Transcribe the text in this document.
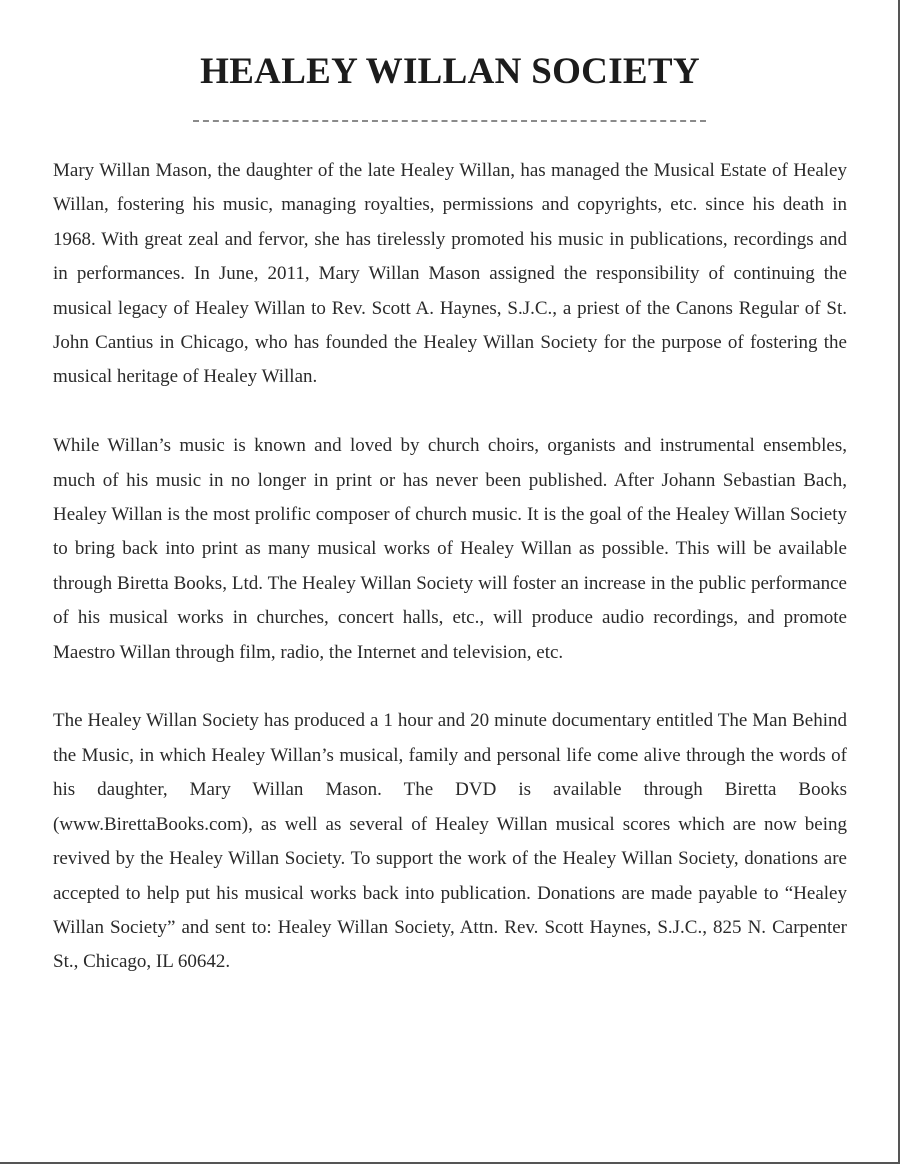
HEALEY WILLAN SOCIETY

Mary Willan Mason, the daughter of the late Healey Willan, has managed the Musical Estate of Healey Willan, fostering his music, managing royalties, permissions and copyrights, etc. since his death in 1968. With great zeal and fervor, she has tirelessly promoted his music in publications, recordings and in performances. In June, 2011, Mary Willan Mason assigned the responsibility of continuing the musical legacy of Healey Willan to Rev. Scott A. Haynes, S.J.C., a priest of the Canons Regular of St. John Cantius in Chicago, who has founded the Healey Willan Society for the purpose of fostering the musical heritage of Healey Willan.

While Willan’s music is known and loved by church choirs, organists and instrumental ensembles, much of his music in no longer in print or has never been published. After Johann Sebastian Bach, Healey Willan is the most prolific composer of church music. It is the goal of the Healey Willan Society to bring back into print as many musical works of Healey Willan as possible. This will be available through Biretta Books, Ltd. The Healey Willan Society will foster an increase in the public performance of his musical works in churches, concert halls, etc., will produce audio recordings, and promote Maestro Willan through film, radio, the Internet and television, etc.

The Healey Willan Society has produced a 1 hour and 20 minute documentary entitled The Man Behind the Music, in which Healey Willan’s musical, family and personal life come alive through the words of his daughter, Mary Willan Mason. The DVD is available through Biretta Books (www.BirettaBooks.com), as well as several of Healey Willan musical scores which are now being revived by the Healey Willan Society. To support the work of the Healey Willan Society, donations are accepted to help put his musical works back into publication. Donations are made payable to “Healey Willan Society” and sent to: Healey Willan Society, Attn. Rev. Scott Haynes, S.J.C., 825 N. Carpenter St., Chicago, IL 60642.
